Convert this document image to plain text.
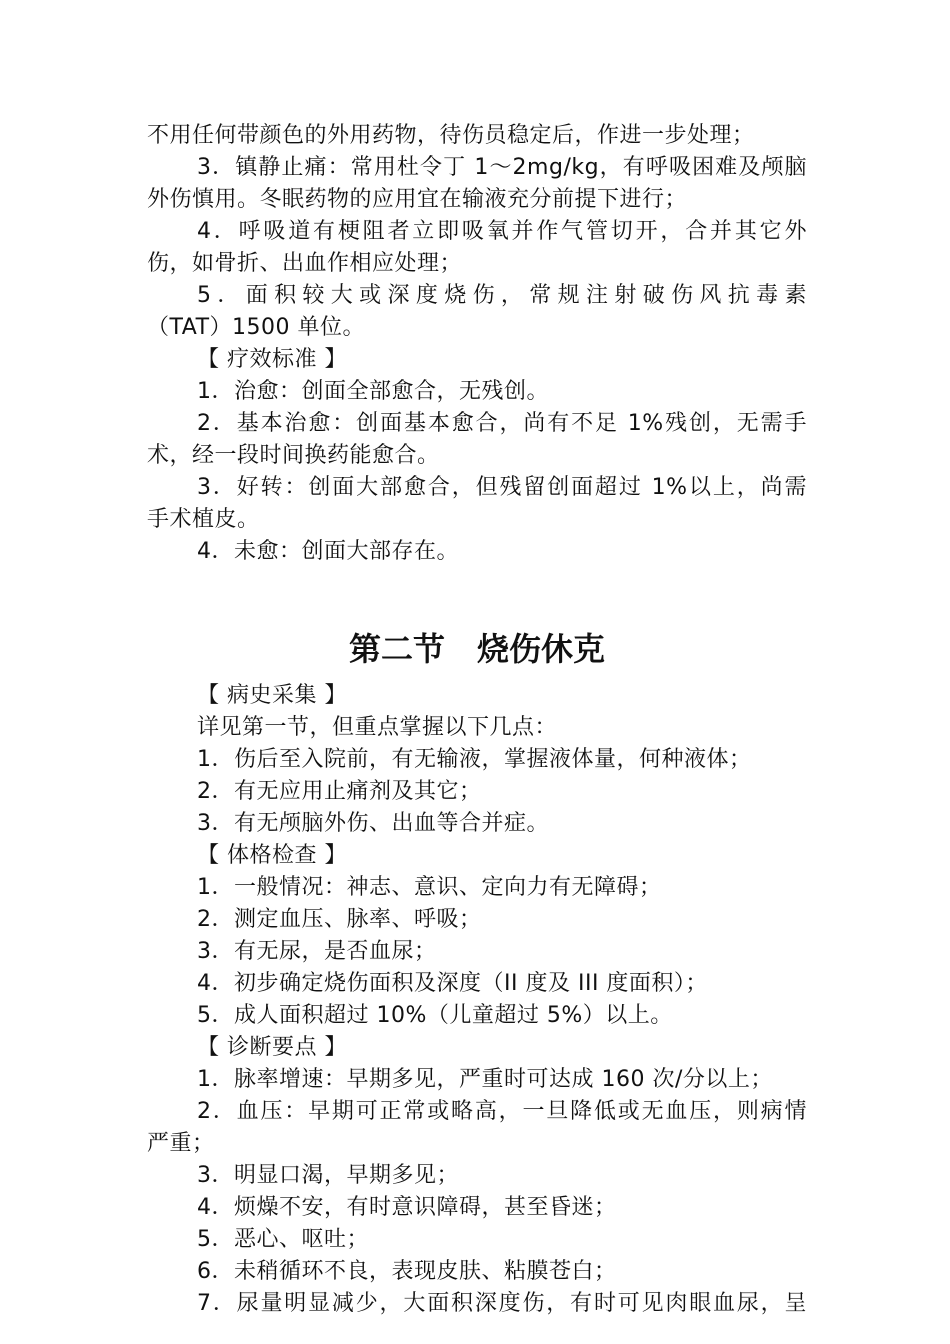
不用任何带颜色的外用药物，待伤员稳定后，作进一步处理；
3．镇静止痛：常用杜令丁 1～2mg/kg，有呼吸困难及颅脑
外伤慎用。冬眠药物的应用宜在输液充分前提下进行；
4．呼吸道有梗阻者立即吸氧并作气管切开，合并其它外
伤，如骨折、出血作相应处理；
5．面积较大或深度烧伤，常规注射破伤风抗毒素
（TAT）1500 单位。
【 疗效标准 】
1．治愈：创面全部愈合，无残创。
2．基本治愈：创面基本愈合，尚有不足 1%残创，无需手
术，经一段时间换药能愈合。
3．好转：创面大部愈合，但残留创面超过 1%以上，尚需
手术植皮。
4．未愈：创面大部存在。
第二节　烧伤休克
【 病史采集 】
详见第一节，但重点掌握以下几点：
1．伤后至入院前，有无输液，掌握液体量，何种液体；
2．有无应用止痛剂及其它；
3．有无颅脑外伤、出血等合并症。
【 体格检查 】
1．一般情况：神志、意识、定向力有无障碍；
2．测定血压、脉率、呼吸；
3．有无尿，是否血尿；
4．初步确定烧伤面积及深度（II 度及 III 度面积）；
5．成人面积超过 10%（儿童超过 5%）以上。
【 诊断要点 】
1．脉率增速：早期多见，严重时可达成 160 次/分以上；
2．血压：早期可正常或略高，一旦降低或无血压，则病情
严重；
3．明显口渴，早期多见；
4．烦燥不安，有时意识障碍，甚至昏迷；
5．恶心、呕吐；
6．未稍循环不良，表现皮肤、粘膜苍白；
7．尿量明显减少，大面积深度伤，有时可见肉眼血尿，呈
